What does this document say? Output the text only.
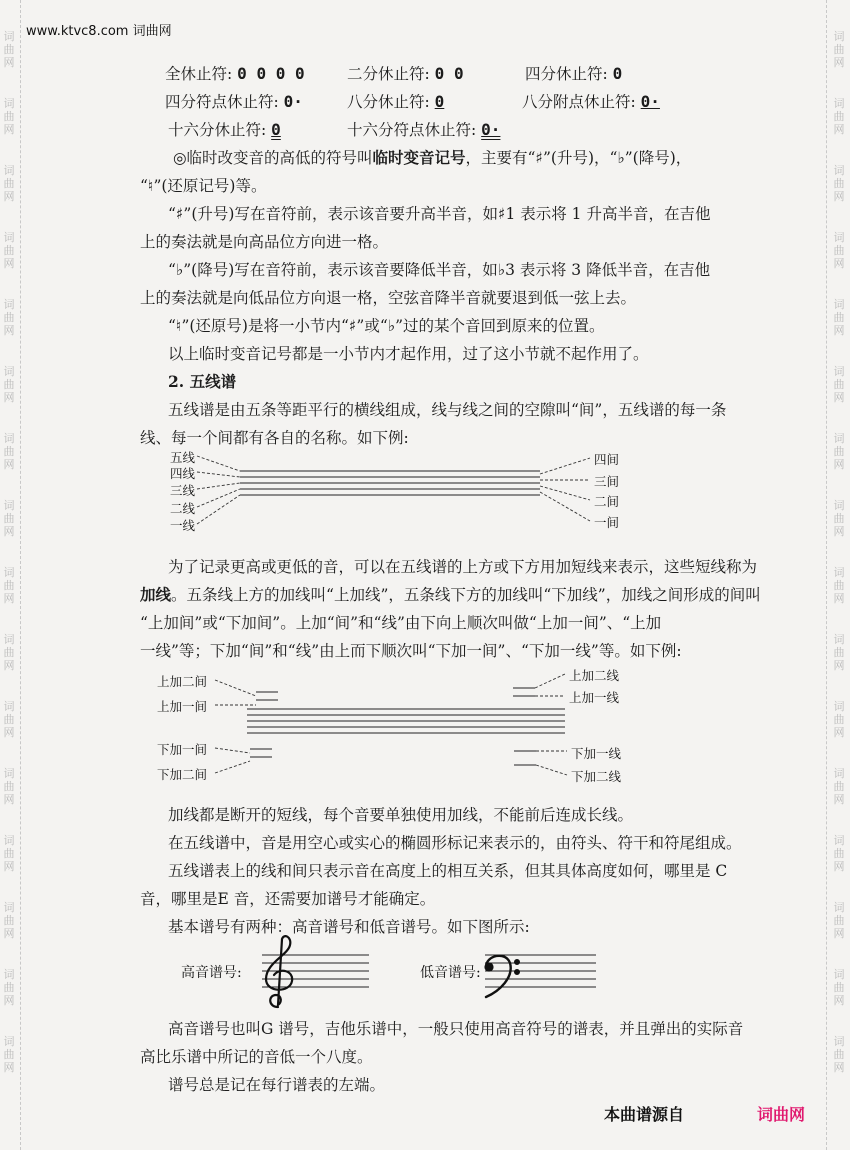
词
曲
网
词
曲
网
词
曲
网
词
曲
网
词
曲
网
词
曲
网
词
曲
网
词
曲
网
词
曲
网
词
曲
网
词
曲
网
词
曲
网
词
曲
网
词
曲
网
词
曲
网
词
曲
网
词
曲
网
词
曲
网
词
曲
网
词
曲
网
词
曲
网
词
曲
网
词
曲
网
词
曲
网
词
曲
网
词
曲
网
词
曲
网
词
曲
网
词
曲
网
词
曲
网
词
曲
网
词
曲
网
www.ktvc8.com 词曲网
全休止符: 0 0 0 0	二分休止符: 0 0	四分休止符: 0
四分符点休止符: 0·	八分休止符: 0	八分附点休止符: 0·
十六分休止符: 0	十六分符点休止符: 0·
◎临时改变音的高低的符号叫临时变音记号，主要有“♯”(升号)，“♭”(降号)，
“♮”(还原记号)等。
“♯”(升号)写在音符前，表示该音要升高半音，如♯1 表示将 1 升高半音，在吉他
上的奏法就是向高品位方向进一格。
“♭”(降号)写在音符前，表示该音要降低半音，如♭3 表示将 3 降低半音，在吉他
上的奏法就是向低品位方向退一格，空弦音降半音就要退到低一弦上去。
“♮”(还原号)是将一小节内“♯”或“♭”过的某个音回到原来的位置。
以上临时变音记号都是一小节内才起作用，过了这小节就不起作用了。
2. 五线谱
五线谱是由五条等距平行的横线组成，线与线之间的空隙叫“间”，五线谱的每一条
线、每一个间都有各自的名称。如下例:
五线
四线
三线
二线
一线
四间
三间
二间
一间
为了记录更高或更低的音，可以在五线谱的上方或下方用加短线来表示，这些短线称为
加线。五条线上方的加线叫“上加线”，五条线下方的加线叫“下加线”，加线之间形成的间叫
“上加间”或“下加间”。上加“间”和“线”由下向上顺次叫做“上加一间”、“上加
一线”等；下加“间”和“线”由上而下顺次叫“下加一间”、“下加一线”等。如下例:
上加二间
上加一间
下加一间
下加二间
上加二线
上加一线
下加一线
下加二线
加线都是断开的短线，每个音要单独使用加线，不能前后连成长线。
在五线谱中，音是用空心或实心的椭圆形标记来表示的，由符头、符干和符尾组成。
五线谱表上的线和间只表示音在高度上的相互关系，但其具体高度如何，哪里是 C
音，哪里是E 音，还需要加谱号才能确定。
基本谱号有两种：高音谱号和低音谱号。如下图所示:
高音谱号:	低音谱号:
高音谱号也叫G 谱号，吉他乐谱中，一般只使用高音符号的谱表，并且弹出的实际音
高比乐谱中所记的音低一个八度。
谱号总是记在每行谱表的左端。
本曲谱源自	词曲网
